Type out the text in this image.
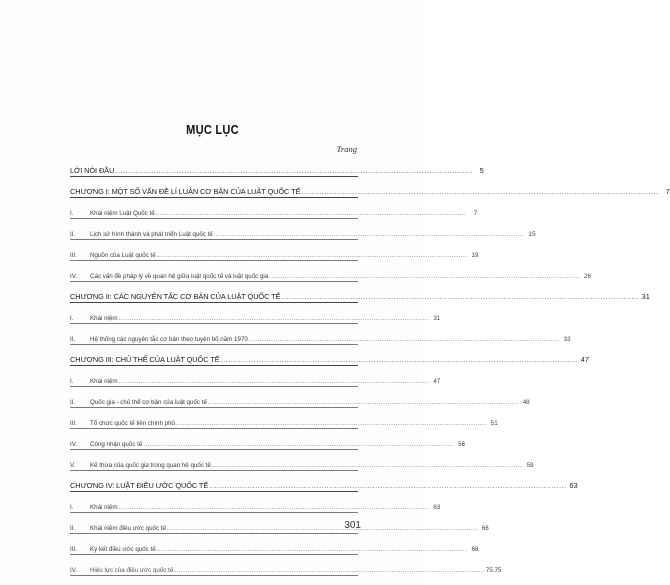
MỤC LỤC
Trang
LỜI NÓI ĐẦU .....	5
CHƯƠNG I: MỘT SỐ VẤN ĐỀ LÍ LUẬN CƠ BẢN CỦA LUẬT QUỐC TẾ .....	7
I.	Khái niệm Luật Quốc tế .....	7
II.	Lịch sử hình thành và phát triển Luật quốc tế .....	15
III.	Nguồn của Luật quốc tế .....	19
IV.	Các vấn đề pháp lý về quan hệ giữa luật quốc tế và luật quốc gia .....	26
CHƯƠNG II: CÁC NGUYÊN TẮC CƠ BẢN CỦA LUẬT QUỐC TẾ .....	31
I.	Khái niệm .....	31
II.	Hệ thống các nguyên tắc cơ bản theo tuyên bố năm 1970 .....	33
CHƯƠNG III: CHỦ THỂ CỦA LUẬT QUỐC TẾ .....	47
I.	Khái niệm .....	47
II.	Quốc gia - chủ thể cơ bản của luật quốc tế .....	48
III.	Tổ chức quốc tế liên chính phủ .....	51
IV.	Công nhận quốc tế .....	56
V.	Kế thừa của quốc gia trong quan hệ quốc tế .....	59
CHƯƠNG IV: LUẬT ĐIỀU ƯỚC QUỐC TẾ .....	63
I.	Khái niệm .....	63
II.	Khái niệm điều ước quốc tế .....	66
III.	Ký kết điều ước quốc tế .....	68
IV.	Hiệu lực của điều ước quốc tế .....	75.75
301
